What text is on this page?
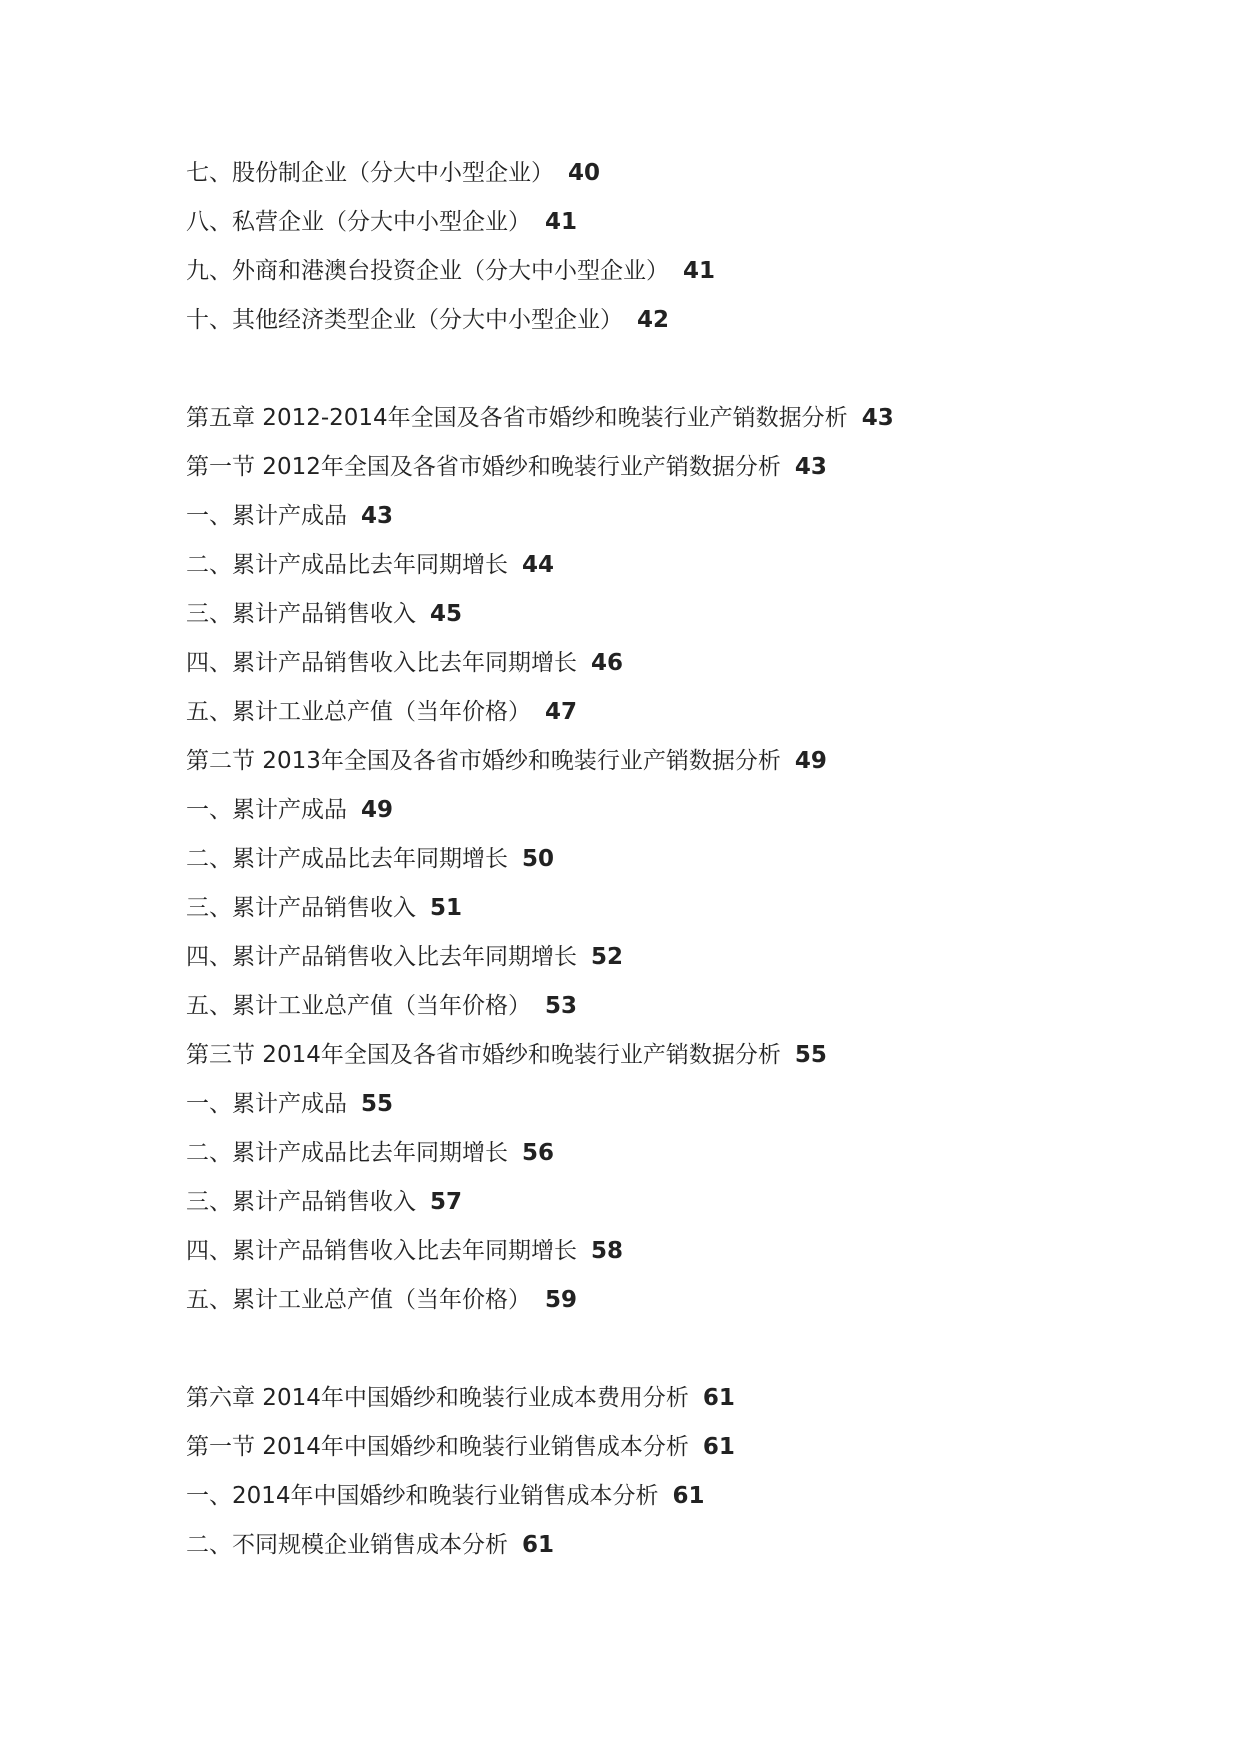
七、股份制企业（分大中小型企业） 40
八、私营企业（分大中小型企业） 41
九、外商和港澳台投资企业（分大中小型企业） 41
十、其他经济类型企业（分大中小型企业） 42
第五章 2012-2014年全国及各省市婚纱和晚装行业产销数据分析 43
第一节 2012年全国及各省市婚纱和晚装行业产销数据分析 43
一、累计产成品 43
二、累计产成品比去年同期增长 44
三、累计产品销售收入 45
四、累计产品销售收入比去年同期增长 46
五、累计工业总产值（当年价格） 47
第二节 2013年全国及各省市婚纱和晚装行业产销数据分析 49
一、累计产成品 49
二、累计产成品比去年同期增长 50
三、累计产品销售收入 51
四、累计产品销售收入比去年同期增长 52
五、累计工业总产值（当年价格） 53
第三节 2014年全国及各省市婚纱和晚装行业产销数据分析 55
一、累计产成品 55
二、累计产成品比去年同期增长 56
三、累计产品销售收入 57
四、累计产品销售收入比去年同期增长 58
五、累计工业总产值（当年价格） 59
第六章 2014年中国婚纱和晚装行业成本费用分析 61
第一节 2014年中国婚纱和晚装行业销售成本分析 61
一、2014年中国婚纱和晚装行业销售成本分析 61
二、不同规模企业销售成本分析 61
